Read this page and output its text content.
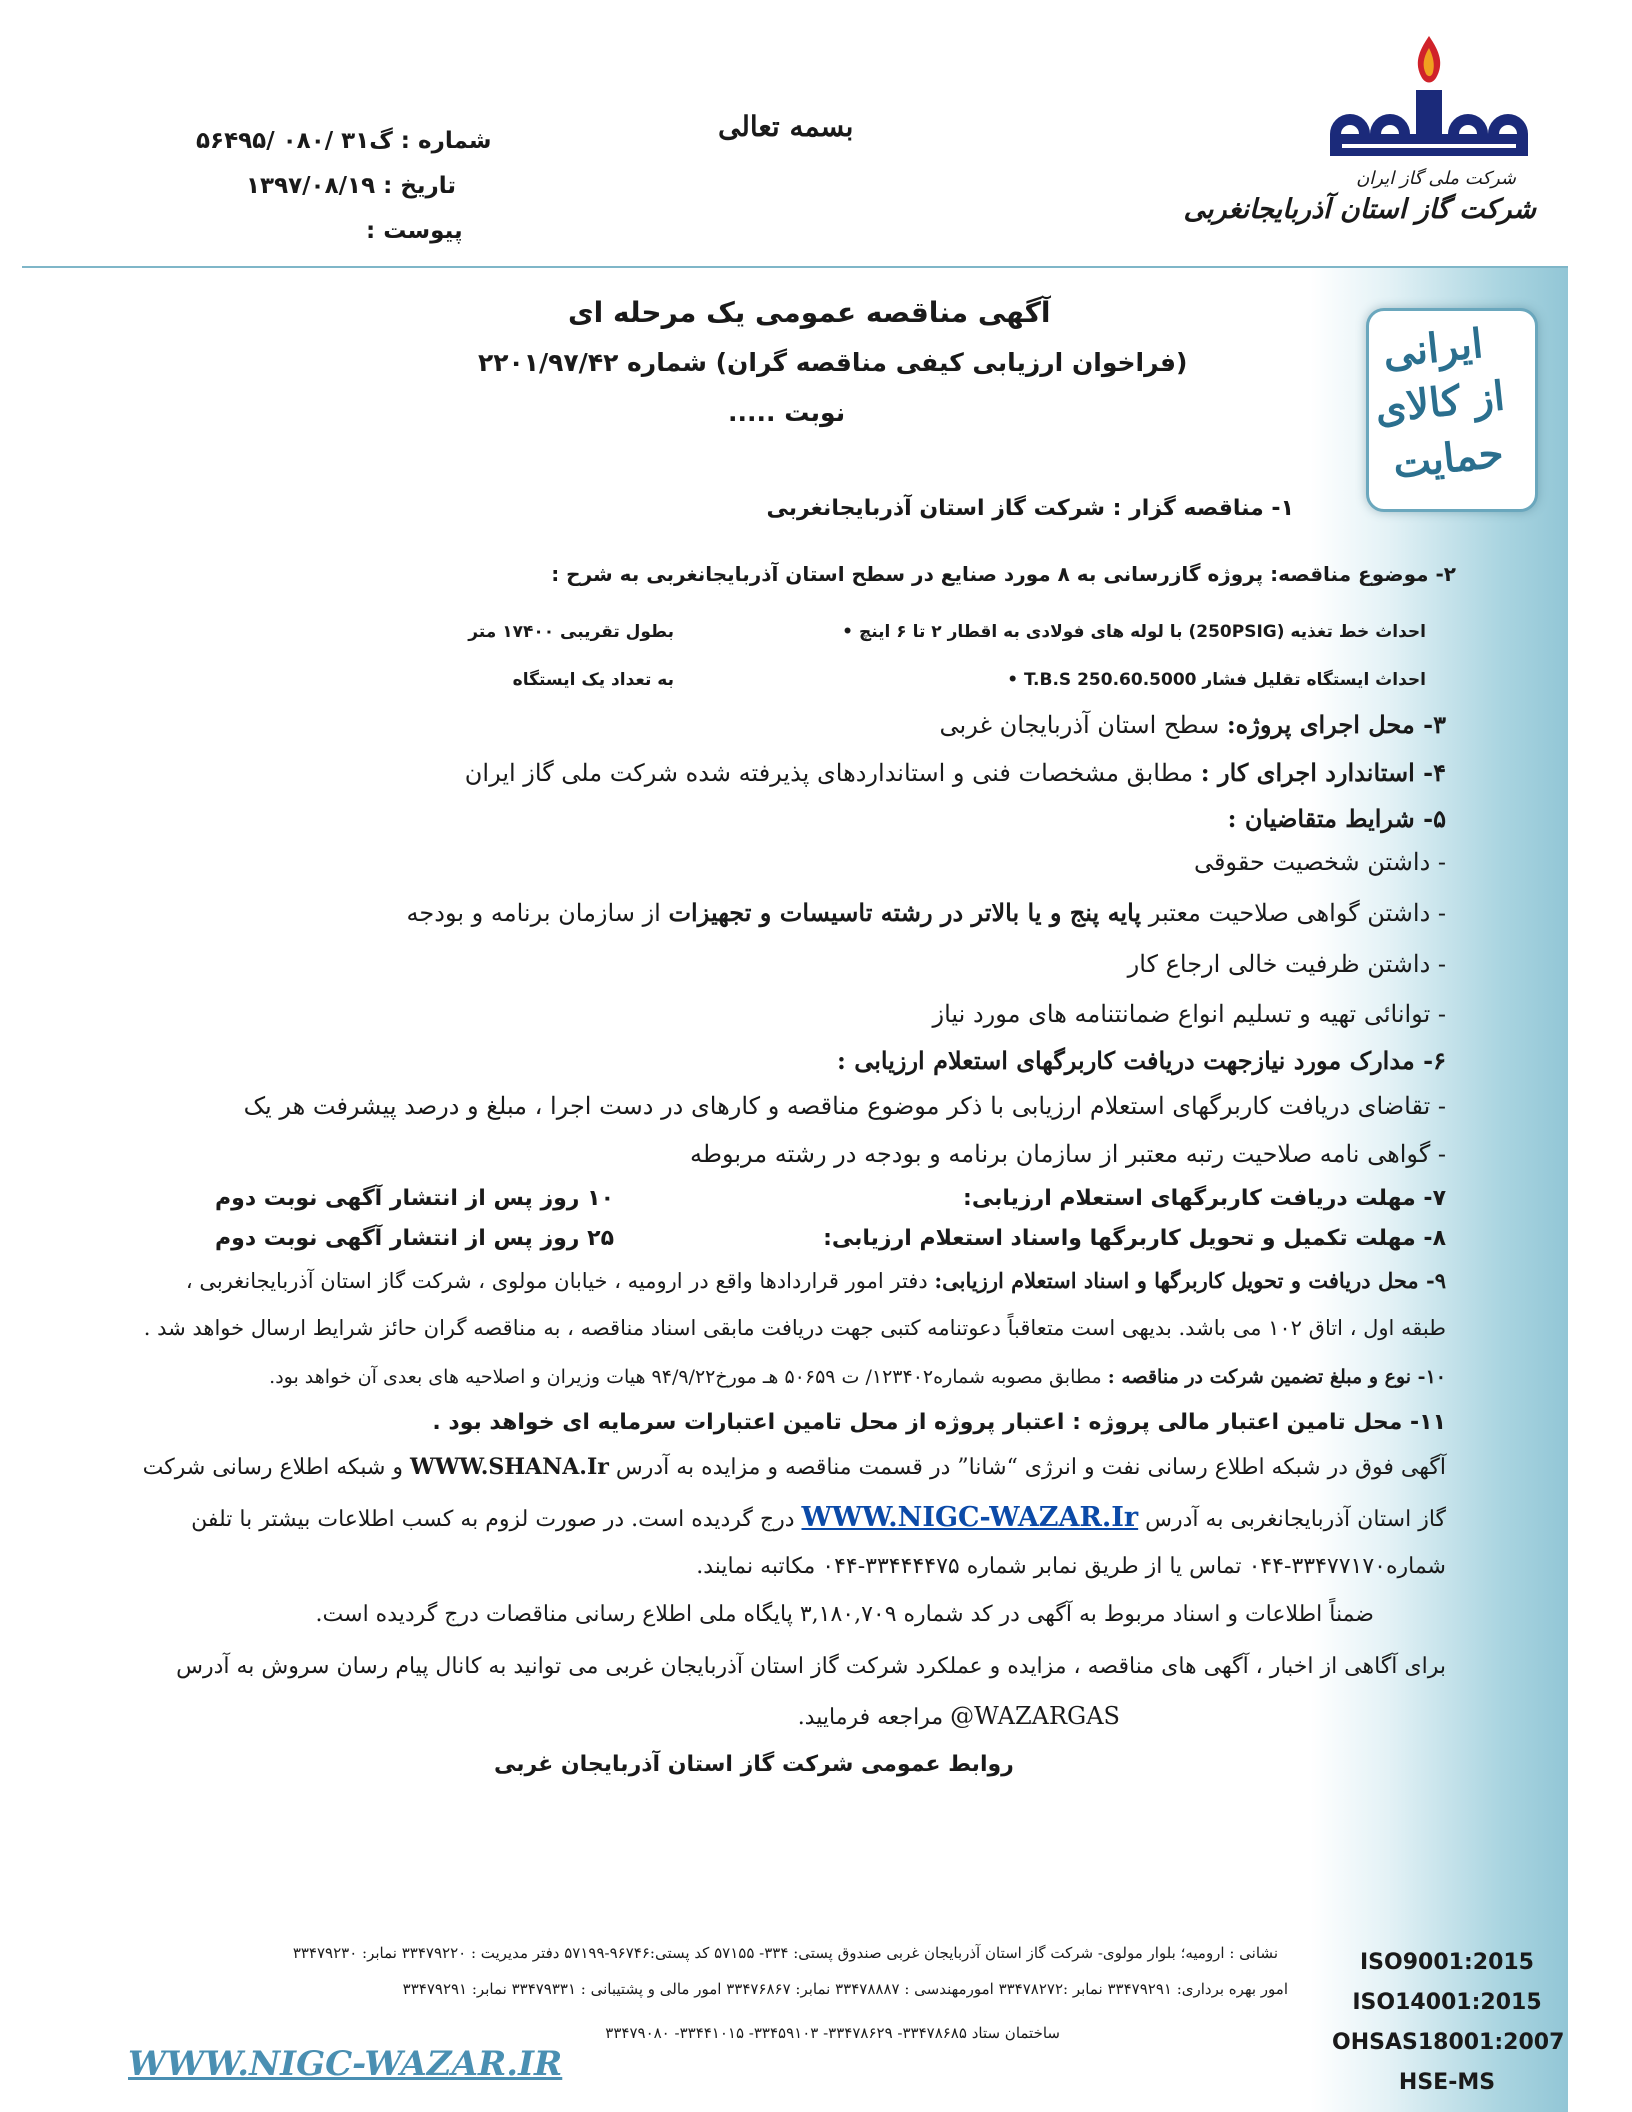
شرکت ملی گاز ایران
شرکت گاز استان آذربایجانغربی
ایرانی
از کالای
حمایت
بسمه تعالی
شماره : گ۳۱ /۰۸۰ /۵۶۴۹۵
تاریخ : ۱۳۹۷/۰۸/۱۹
پیوست :
آگهی مناقصه عمومی یک مرحله ای
(فراخوان ارزیابی کیفی مناقصه گران) شماره ۲۲۰۱/۹۷/۴۲
نوبت .....
۱- مناقصه گزار : شرکت گاز استان آذربایجانغربی
۲- موضوع مناقصه: پروژه گازرسانی به ۸ مورد صنایع در سطح استان آذربایجانغربی به شرح :
احداث خط تغذیه (250PSIG) با لوله های فولادی به اقطار ۲ تا ۶ اینچ •
بطول تقریبی ۱۷۴۰۰ متر
احداث ایستگاه تقلیل فشار T.B.S 250.60.5000 •
به تعداد یک ایستگاه
۳- محل اجرای پروژه: سطح استان آذربایجان غربی
۴- استاندارد اجرای کار : مطابق مشخصات فنی و استانداردهای پذیرفته شده شرکت ملی گاز ایران
۵- شرایط متقاضیان :
- داشتن شخصیت حقوقی
- داشتن گواهی صلاحیت معتبر پایه پنج و یا بالاتر در رشته تاسیسات و تجهیزات از سازمان برنامه و بودجه
- داشتن ظرفیت خالی ارجاع کار
- توانائی تهیه و تسلیم انواع ضمانتنامه های مورد نیاز
۶- مدارک مورد نیازجهت دریافت کاربرگهای استعلام ارزیابی :
- تقاضای دریافت کاربرگهای استعلام ارزیابی با ذکر موضوع مناقصه و کارهای در دست اجرا ، مبلغ و درصد پیشرفت هر یک
- گواهی نامه صلاحیت رتبه معتبر از سازمان برنامه و بودجه در رشته مربوطه
۷- مهلت دریافت کاربرگهای استعلام ارزیابی:
۱۰ روز پس از انتشار آگهی نوبت دوم
۸- مهلت تکمیل و تحویل کاربرگها واسناد استعلام ارزیابی:
۲۵ روز پس از انتشار آگهی نوبت دوم
۹- محل دریافت و تحویل کاربرگها و اسناد استعلام ارزیابی: دفتر امور قراردادها واقع در ارومیه ، خیابان مولوی ، شرکت گاز استان آذربایجانغربی ،
طبقه اول ، اتاق ۱۰۲ می باشد. بدیهی است متعاقباً دعوتنامه کتبی جهت دریافت مابقی اسناد مناقصه ، به مناقصه گران حائز شرایط ارسال خواهد شد .
۱۰- نوع و مبلغ تضمین شرکت در مناقصه : مطابق مصوبه شماره۱۲۳۴۰۲/ ت ۵۰۶۵۹ هـ مورخ۹۴/۹/۲۲ هیات وزیران و اصلاحیه های بعدی آن خواهد بود.
۱۱- محل تامین اعتبار مالی پروژه : اعتبار پروژه از محل تامین اعتبارات سرمایه ای خواهد بود .
آگهی فوق در شبکه اطلاع رسانی نفت و انرژی “شانا” در قسمت مناقصه و مزایده به آدرس WWW.SHANA.Ir و شبکه اطلاع رسانی شرکت
گاز استان آذربایجانغربی به آدرس WWW.NIGC-WAZAR.Ir درج گردیده است. در صورت لزوم به کسب اطلاعات بیشتر با تلفن
شماره۳۳۴۷۷۱۷۰-۰۴۴ تماس یا از طریق نمابر شماره ۳۳۴۴۴۴۷۵-۰۴۴ مکاتبه نمایند.
ضمناً اطلاعات و اسناد مربوط به آگهی در کد شماره ۳,۱۸۰,۷۰۹ پایگاه ملی اطلاع رسانی مناقصات درج گردیده است.
برای آگاهی از اخبار ، آگهی های مناقصه ، مزایده و عملکرد شرکت گاز استان آذربایجان غربی می توانید به کانال پیام رسان سروش به آدرس
@WAZARGAS مراجعه فرمایید.
روابط عمومی شرکت گاز استان آذربایجان غربی
نشانی : ارومیه؛ بلوار مولوی- شرکت گاز استان آذربایجان غربی صندوق پستی: ۳۳۴- ۵۷۱۵۵ کد پستی:۹۶۷۴۶-۵۷۱۹۹ دفتر مدیریت : ۳۳۴۷۹۲۲۰ نمابر: ۳۳۴۷۹۲۳۰
امور بهره برداری: ۳۳۴۷۹۲۹۱ نمابر :۳۳۴۷۸۲۷۲ امورمهندسی : ۳۳۴۷۸۸۸۷ نمابر: ۳۳۴۷۶۸۶۷ امور مالی و پشتیبانی : ۳۳۴۷۹۳۳۱ نمابر: ۳۳۴۷۹۲۹۱
ساختمان ستاد ۳۳۴۷۸۶۸۵- ۳۳۴۷۸۶۲۹- ۳۳۴۵۹۱۰۳- ۳۳۴۴۱۰۱۵- ۳۳۴۷۹۰۸۰
WWW.NIGC-WAZAR.IR
ISO9001:2015
ISO14001:2015
OHSAS18001:2007
HSE-MS
